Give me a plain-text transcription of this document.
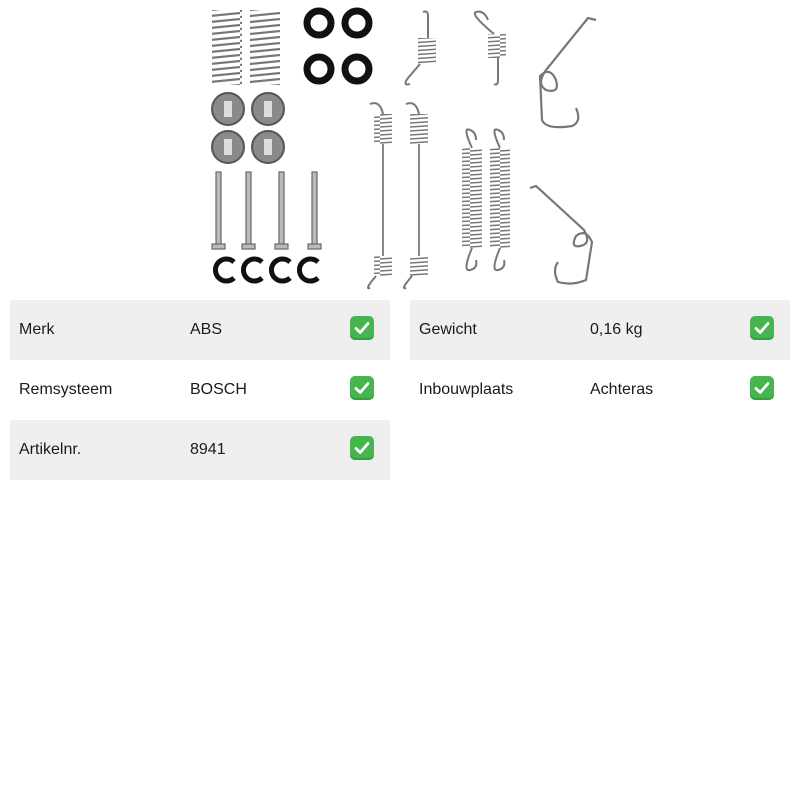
Merk	ABS
Remsysteem	BOSCH
Artikelnr.	8941
Gewicht	0,16 kg
Inbouwplaats	Achteras
